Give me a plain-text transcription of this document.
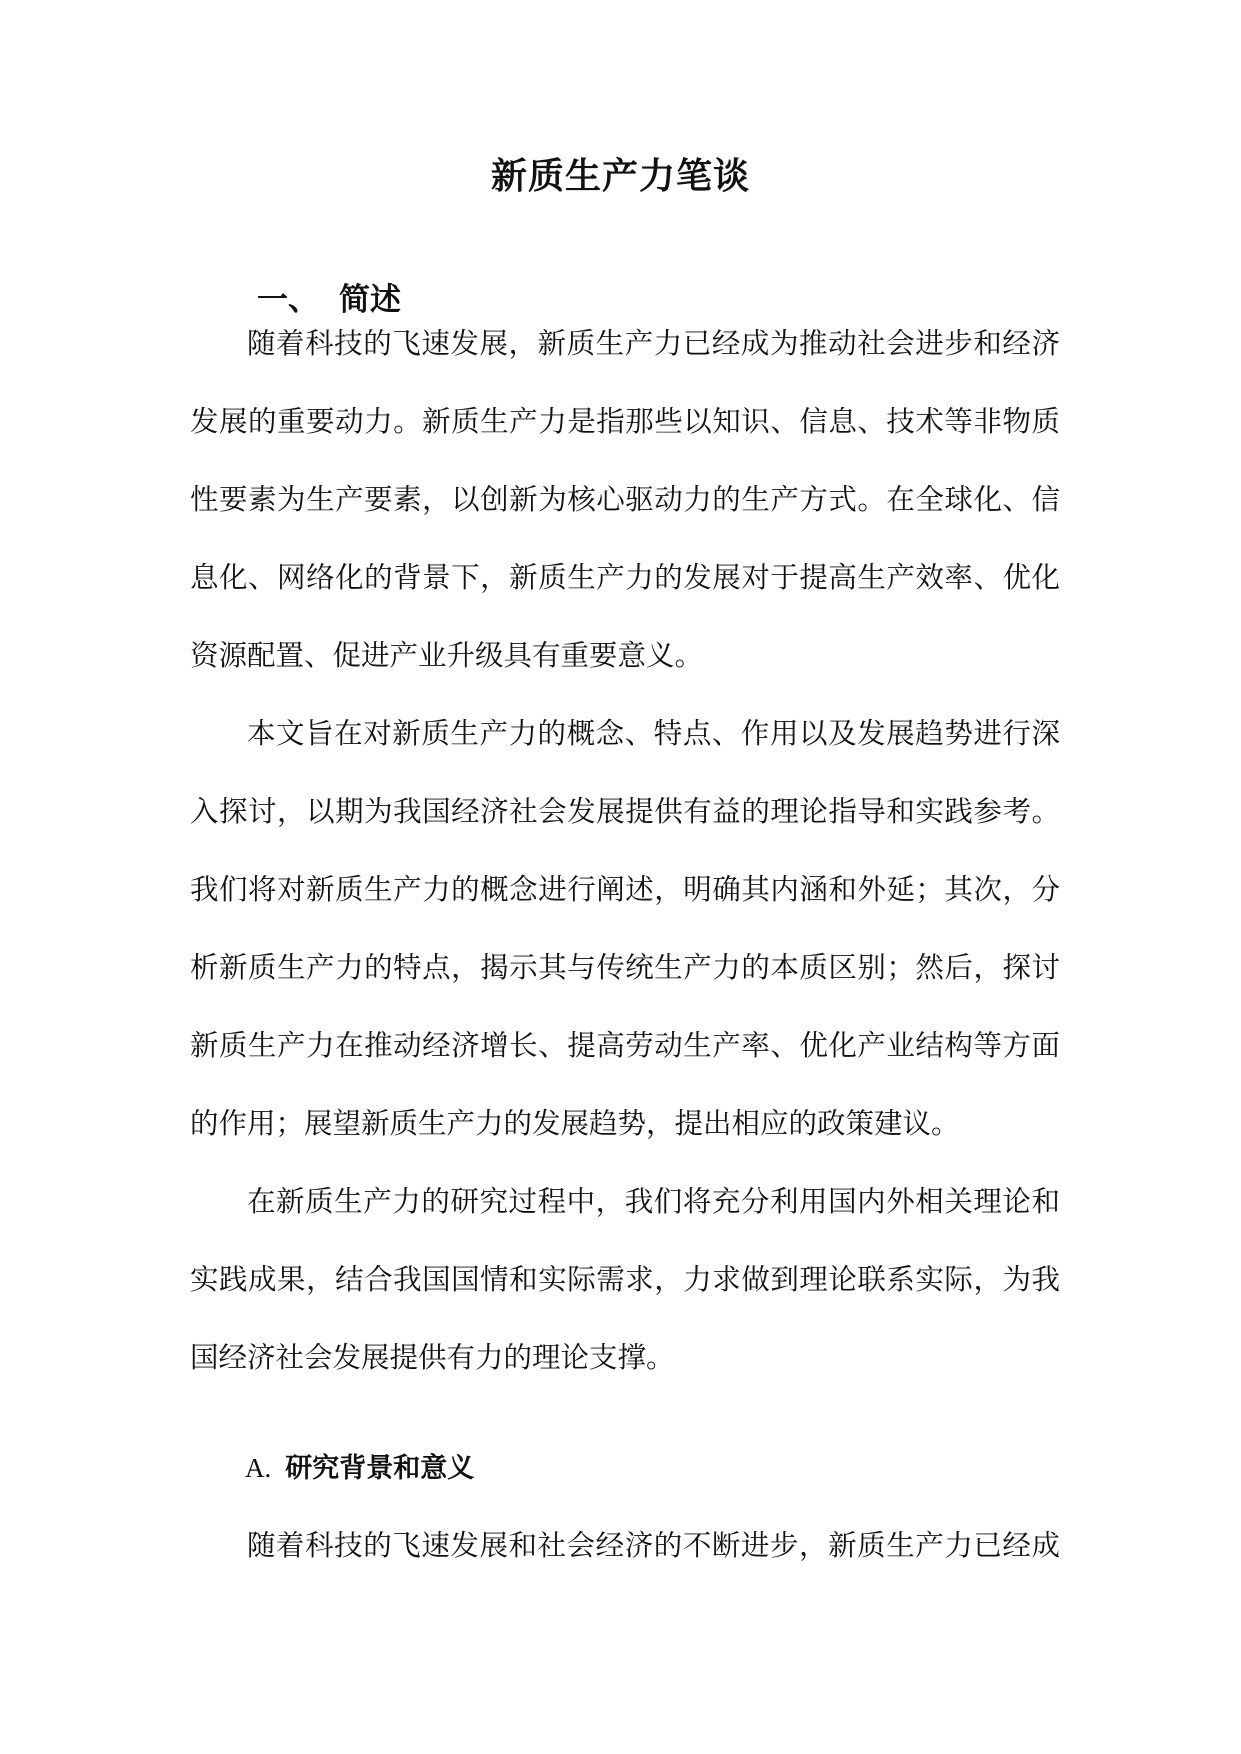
新质生产力笔谈
一、 简述

随着科技的飞速发展，新质生产力已经成为推动社会进步和经济
发展的重要动力。新质生产力是指那些以知识、信息、技术等非物质
性要素为生产要素，以创新为核心驱动力的生产方式。在全球化、信
息化、网络化的背景下，新质生产力的发展对于提高生产效率、优化
资源配置、促进产业升级具有重要意义。

本文旨在对新质生产力的概念、特点、作用以及发展趋势进行深
入探讨，以期为我国经济社会发展提供有益的理论指导和实践参考。
我们将对新质生产力的概念进行阐述，明确其内涵和外延；其次，分
析新质生产力的特点，揭示其与传统生产力的本质区别；然后，探讨
新质生产力在推动经济增长、提高劳动生产率、优化产业结构等方面
的作用；展望新质生产力的发展趋势，提出相应的政策建议。

在新质生产力的研究过程中，我们将充分利用国内外相关理论和
实践成果，结合我国国情和实际需求，力求做到理论联系实际，为我
国经济社会发展提供有力的理论支撑。

A. 研究背景和意义

随着科技的飞速发展和社会经济的不断进步，新质生产力已经成
